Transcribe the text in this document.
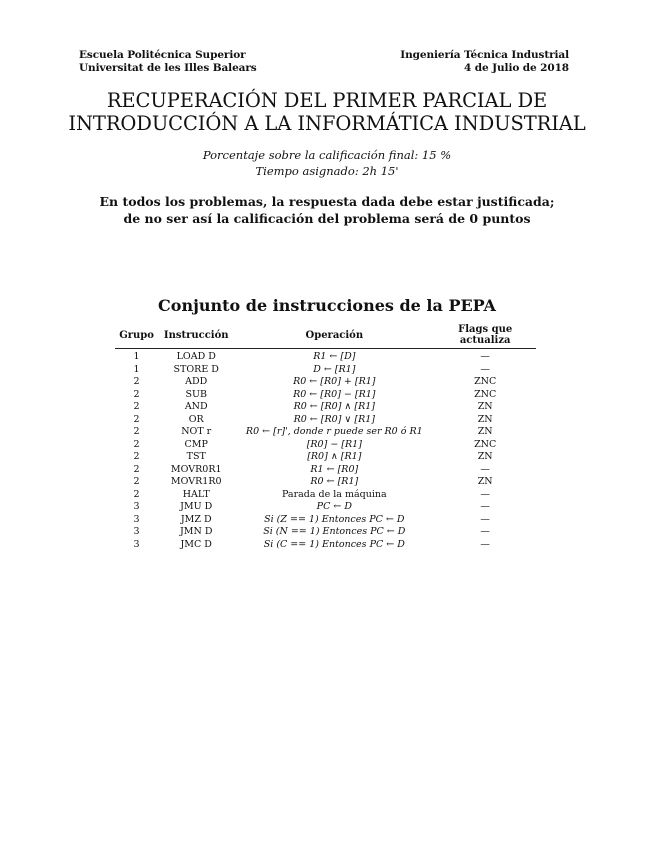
Escuela Politécnica Superior
Universitat de les Illes Balears
Ingeniería Técnica Industrial
4 de Julio de 2018
RECUPERACIÓN DEL PRIMER PARCIAL DE
INTRODUCCIÓN A LA INFORMÁTICA INDUSTRIAL
Porcentaje sobre la calificación final: 15 %
Tiempo asignado: 2h 15'
En todos los problemas, la respuesta dada debe estar justificada;
de no ser así la calificación del problema será de 0 puntos
Conjunto de instrucciones de la PEPA
Grupo	Instrucción	Operación	Flags que actualiza
1	LOAD D	R1 ← [D]	—
1	STORE D	D ← [R1]	—
2	ADD	R0 ← [R0] + [R1]	ZNC
2	SUB	R0 ← [R0] − [R1]	ZNC
2	AND	R0 ← [R0] ∧ [R1]	ZN
2	OR	R0 ← [R0] ∨ [R1]	ZN
2	NOT r	R0 ← [r]', donde r puede ser R0 ó R1	ZN
2	CMP	[R0] − [R1]	ZNC
2	TST	[R0] ∧ [R1]	ZN
2	MOVR0R1	R1 ← [R0]	—
2	MOVR1R0	R0 ← [R1]	ZN
2	HALT	Parada de la máquina	—
3	JMU D	PC ← D	—
3	JMZ D	Si (Z == 1) Entonces PC ← D	—
3	JMN D	Si (N == 1) Entonces PC ← D	—
3	JMC D	Si (C == 1) Entonces PC ← D	—
